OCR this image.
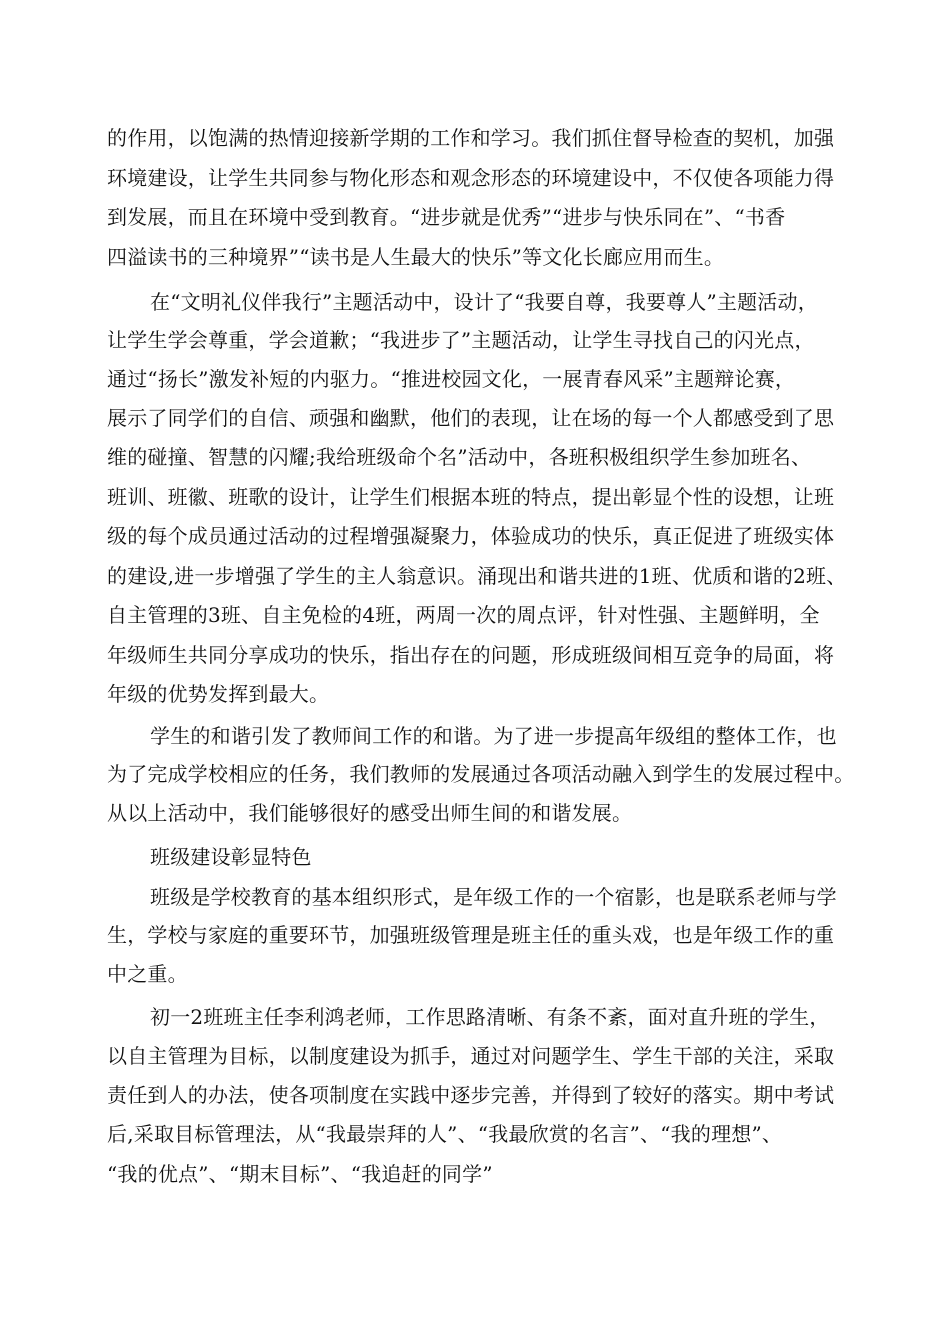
的作用，以饱满的热情迎接新学期的工作和学习。我们抓住督导检查的契机，加强
环境建设，让学生共同参与物化形态和观念形态的环境建设中，不仅使各项能力得
到发展，而且在环境中受到教育。“进步就是优秀”“进步与快乐同在”、“书香
四溢读书的三种境界”“读书是人生最大的快乐”等文化长廊应用而生。
在“文明礼仪伴我行”主题活动中，设计了“我要自尊，我要尊人”主题活动，
让学生学会尊重，学会道歉；“我进步了”主题活动，让学生寻找自己的闪光点，
通过“扬长”激发补短的内驱力。“推进校园文化，一展青春风采”主题辩论赛，
展示了同学们的自信、顽强和幽默，他们的表现，让在场的每一个人都感受到了思
维的碰撞、智慧的闪耀;我给班级命个名”活动中，各班积极组织学生参加班名、
班训、班徽、班歌的设计，让学生们根据本班的特点，提出彰显个性的设想，让班
级的每个成员通过活动的过程增强凝聚力，体验成功的快乐，真正促进了班级实体
的建设,进一步增强了学生的主人翁意识。涌现出和谐共进的1班、优质和谐的2班、
自主管理的3班、自主免检的4班，两周一次的周点评，针对性强、主题鲜明，全
年级师生共同分享成功的快乐，指出存在的问题，形成班级间相互竞争的局面，将
年级的优势发挥到最大。
学生的和谐引发了教师间工作的和谐。为了进一步提高年级组的整体工作，也
为了完成学校相应的任务，我们教师的发展通过各项活动融入到学生的发展过程中。
从以上活动中，我们能够很好的感受出师生间的和谐发展。
班级建设彰显特色
班级是学校教育的基本组织形式，是年级工作的一个宿影，也是联系老师与学
生，学校与家庭的重要环节，加强班级管理是班主任的重头戏，也是年级工作的重
中之重。
初一2班班主任李利鸿老师，工作思路清晰、有条不紊，面对直升班的学生，
以自主管理为目标，以制度建设为抓手，通过对问题学生、学生干部的关注，采取
责任到人的办法，使各项制度在实践中逐步完善，并得到了较好的落实。期中考试
后,采取目标管理法，从“我最崇拜的人”、“我最欣赏的名言”、“我的理想”、
“我的优点”、“期末目标”、“我追赶的同学”
